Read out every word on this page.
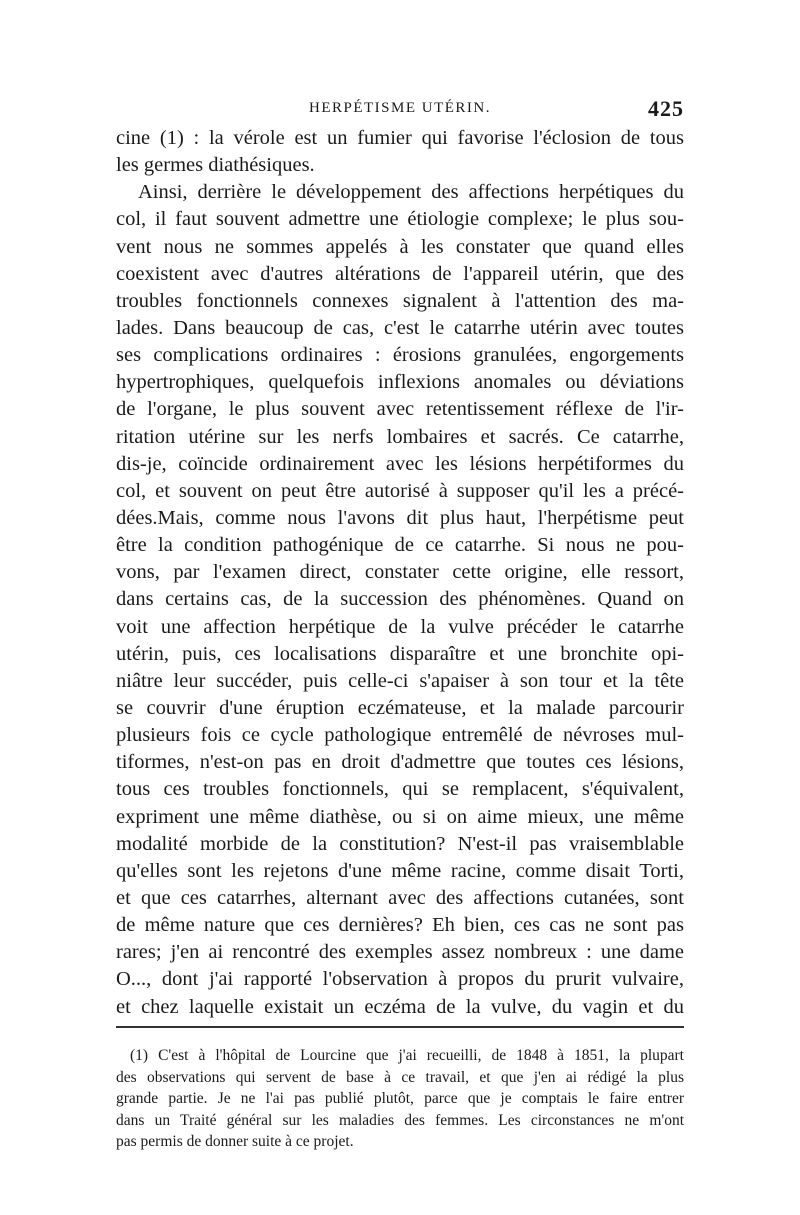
HERPÉTISME UTÉRIN.	425
cine (1) : la vérole est un fumier qui favorise l'éclosion de tous
les germes diathésiques.
Ainsi, derrière le développement des affections herpétiques du
col, il faut souvent admettre une étiologie complexe; le plus sou-
vent nous ne sommes appelés à les constater que quand elles
coexistent avec d'autres altérations de l'appareil utérin, que des
troubles fonctionnels connexes signalent à l'attention des ma-
lades. Dans beaucoup de cas, c'est le catarrhe utérin avec toutes
ses complications ordinaires : érosions granulées, engorgements
hypertrophiques, quelquefois inflexions anomales ou déviations
de l'organe, le plus souvent avec retentissement réflexe de l'ir-
ritation utérine sur les nerfs lombaires et sacrés. Ce catarrhe,
dis-je, coïncide ordinairement avec les lésions herpétiformes du
col, et souvent on peut être autorisé à supposer qu'il les a précé-
dées.Mais, comme nous l'avons dit plus haut, l'herpétisme peut
être la condition pathogénique de ce catarrhe. Si nous ne pou-
vons, par l'examen direct, constater cette origine, elle ressort,
dans certains cas, de la succession des phénomènes. Quand on
voit une affection herpétique de la vulve précéder le catarrhe
utérin, puis, ces localisations disparaître et une bronchite opi-
niâtre leur succéder, puis celle-ci s'apaiser à son tour et la tête
se couvrir d'une éruption eczémateuse, et la malade parcourir
plusieurs fois ce cycle pathologique entremêlé de névroses mul-
tiformes, n'est-on pas en droit d'admettre que toutes ces lésions,
tous ces troubles fonctionnels, qui se remplacent, s'équivalent,
expriment une même diathèse, ou si on aime mieux, une même
modalité morbide de la constitution? N'est-il pas vraisemblable
qu'elles sont les rejetons d'une même racine, comme disait Torti,
et que ces catarrhes, alternant avec des affections cutanées, sont
de même nature que ces dernières? Eh bien, ces cas ne sont pas
rares; j'en ai rencontré des exemples assez nombreux : une dame
O..., dont j'ai rapporté l'observation à propos du prurit vulvaire,
et chez laquelle existait un eczéma de la vulve, du vagin et du
(1) C'est à l'hôpital de Lourcine que j'ai recueilli, de 1848 à 1851, la plupart
des observations qui servent de base à ce travail, et que j'en ai rédigé la plus
grande partie. Je ne l'ai pas publié plutôt, parce que je comptais le faire entrer
dans un Traité général sur les maladies des femmes. Les circonstances ne m'ont
pas permis de donner suite à ce projet.
